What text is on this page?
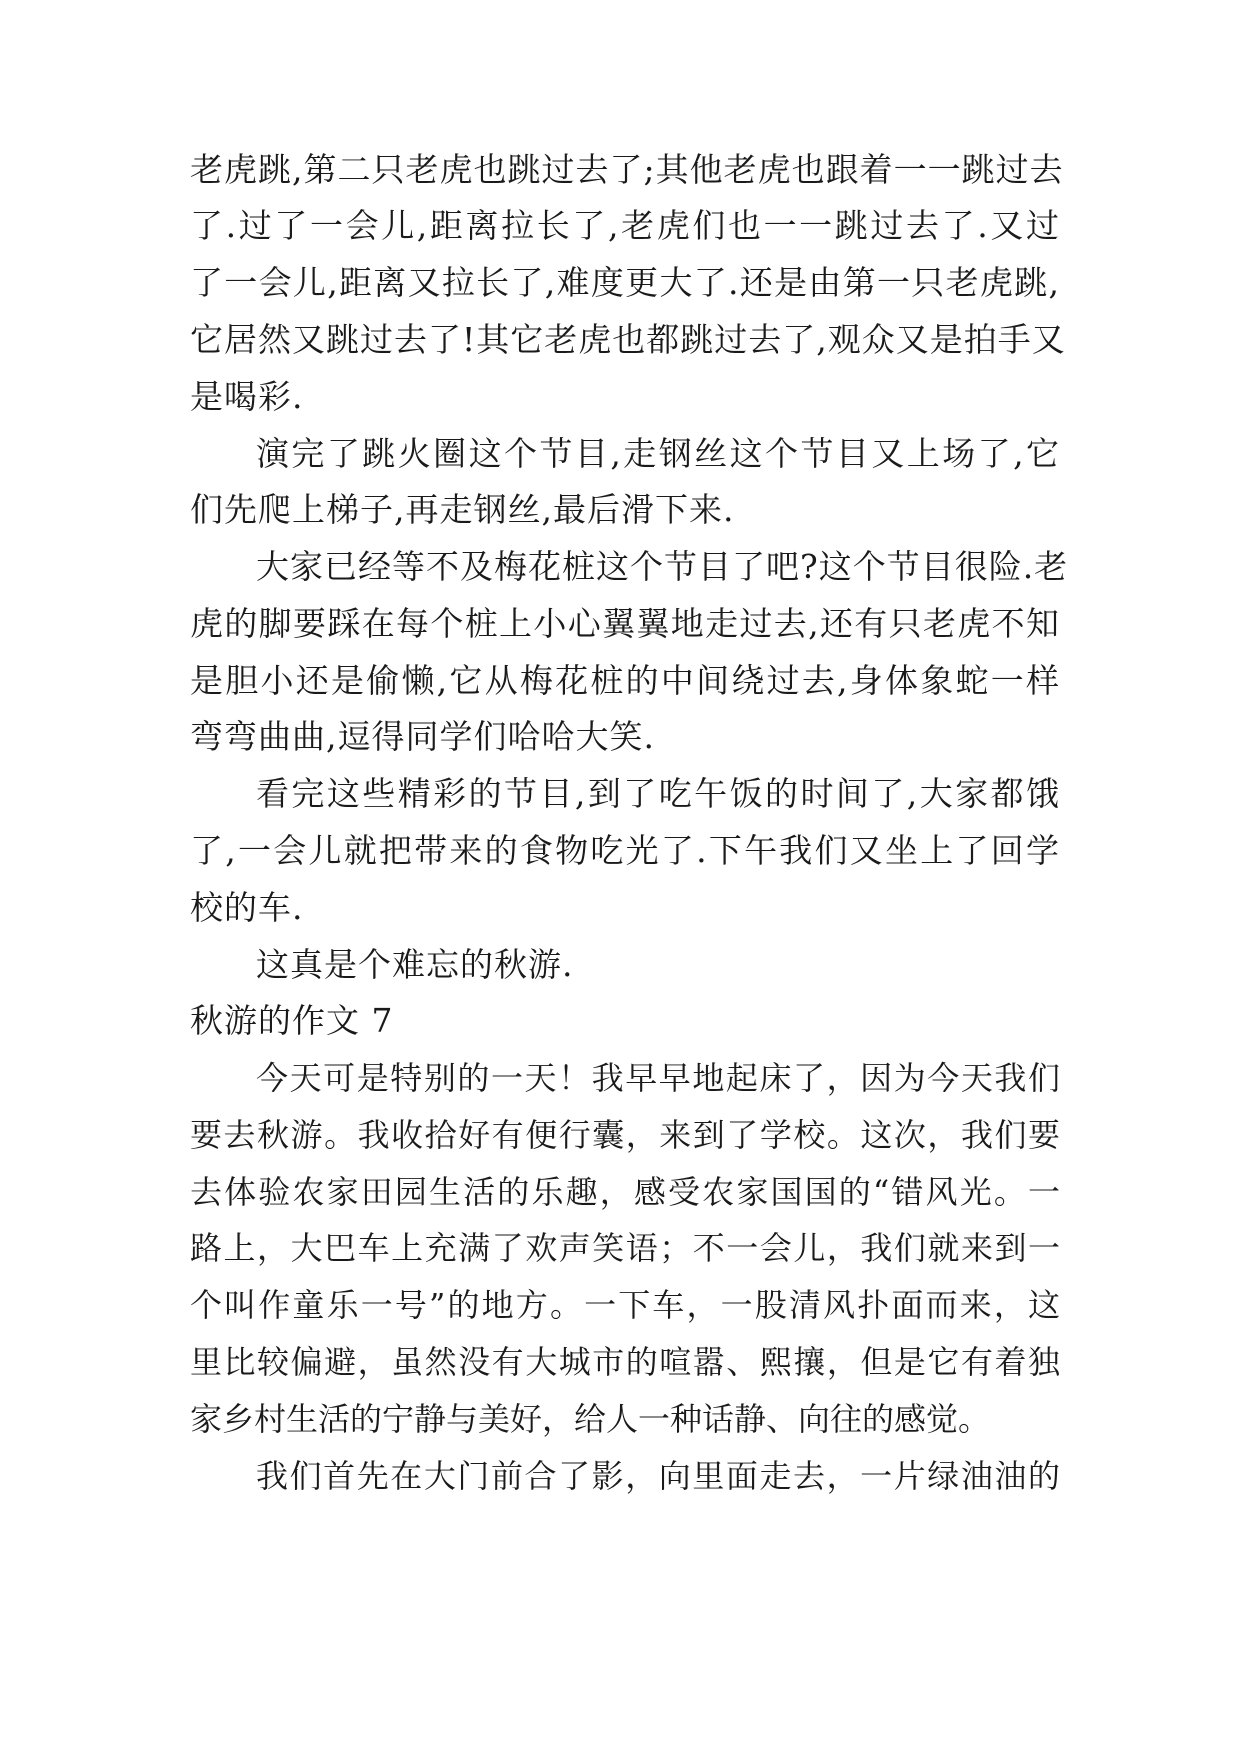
老虎跳,第二只老虎也跳过去了;其他老虎也跟着一一跳过去
了.过了一会儿,距离拉长了,老虎们也一一跳过去了.又过
了一会儿,距离又拉长了,难度更大了.还是由第一只老虎跳,
它居然又跳过去了!其它老虎也都跳过去了,观众又是拍手又
是喝彩.
演完了跳火圈这个节目,走钢丝这个节目又上场了,它
们先爬上梯子,再走钢丝,最后滑下来.
大家已经等不及梅花桩这个节目了吧?这个节目很险.老
虎的脚要踩在每个桩上小心翼翼地走过去,还有只老虎不知
是胆小还是偷懒,它从梅花桩的中间绕过去,身体象蛇一样
弯弯曲曲,逗得同学们哈哈大笑.
看完这些精彩的节目,到了吃午饭的时间了,大家都饿
了,一会儿就把带来的食物吃光了.下午我们又坐上了回学
校的车.
这真是个难忘的秋游.
秋游的作文 7
今天可是特别的一天！我早早地起床了，因为今天我们
要去秋游。我收拾好有便行囊，来到了学校。这次，我们要
去体验农家田园生活的乐趣，感受农家国国的“错风光。一
路上，大巴车上充满了欢声笑语；不一会儿，我们就来到一
个叫作童乐一号”的地方。一下车，一股清风扑面而来，这
里比较偏避，虽然没有大城市的喧嚣、熙攘，但是它有着独
家乡村生活的宁静与美好，给人一种话静、向往的感觉。
我们首先在大门前合了影，向里面走去，一片绿油油的
